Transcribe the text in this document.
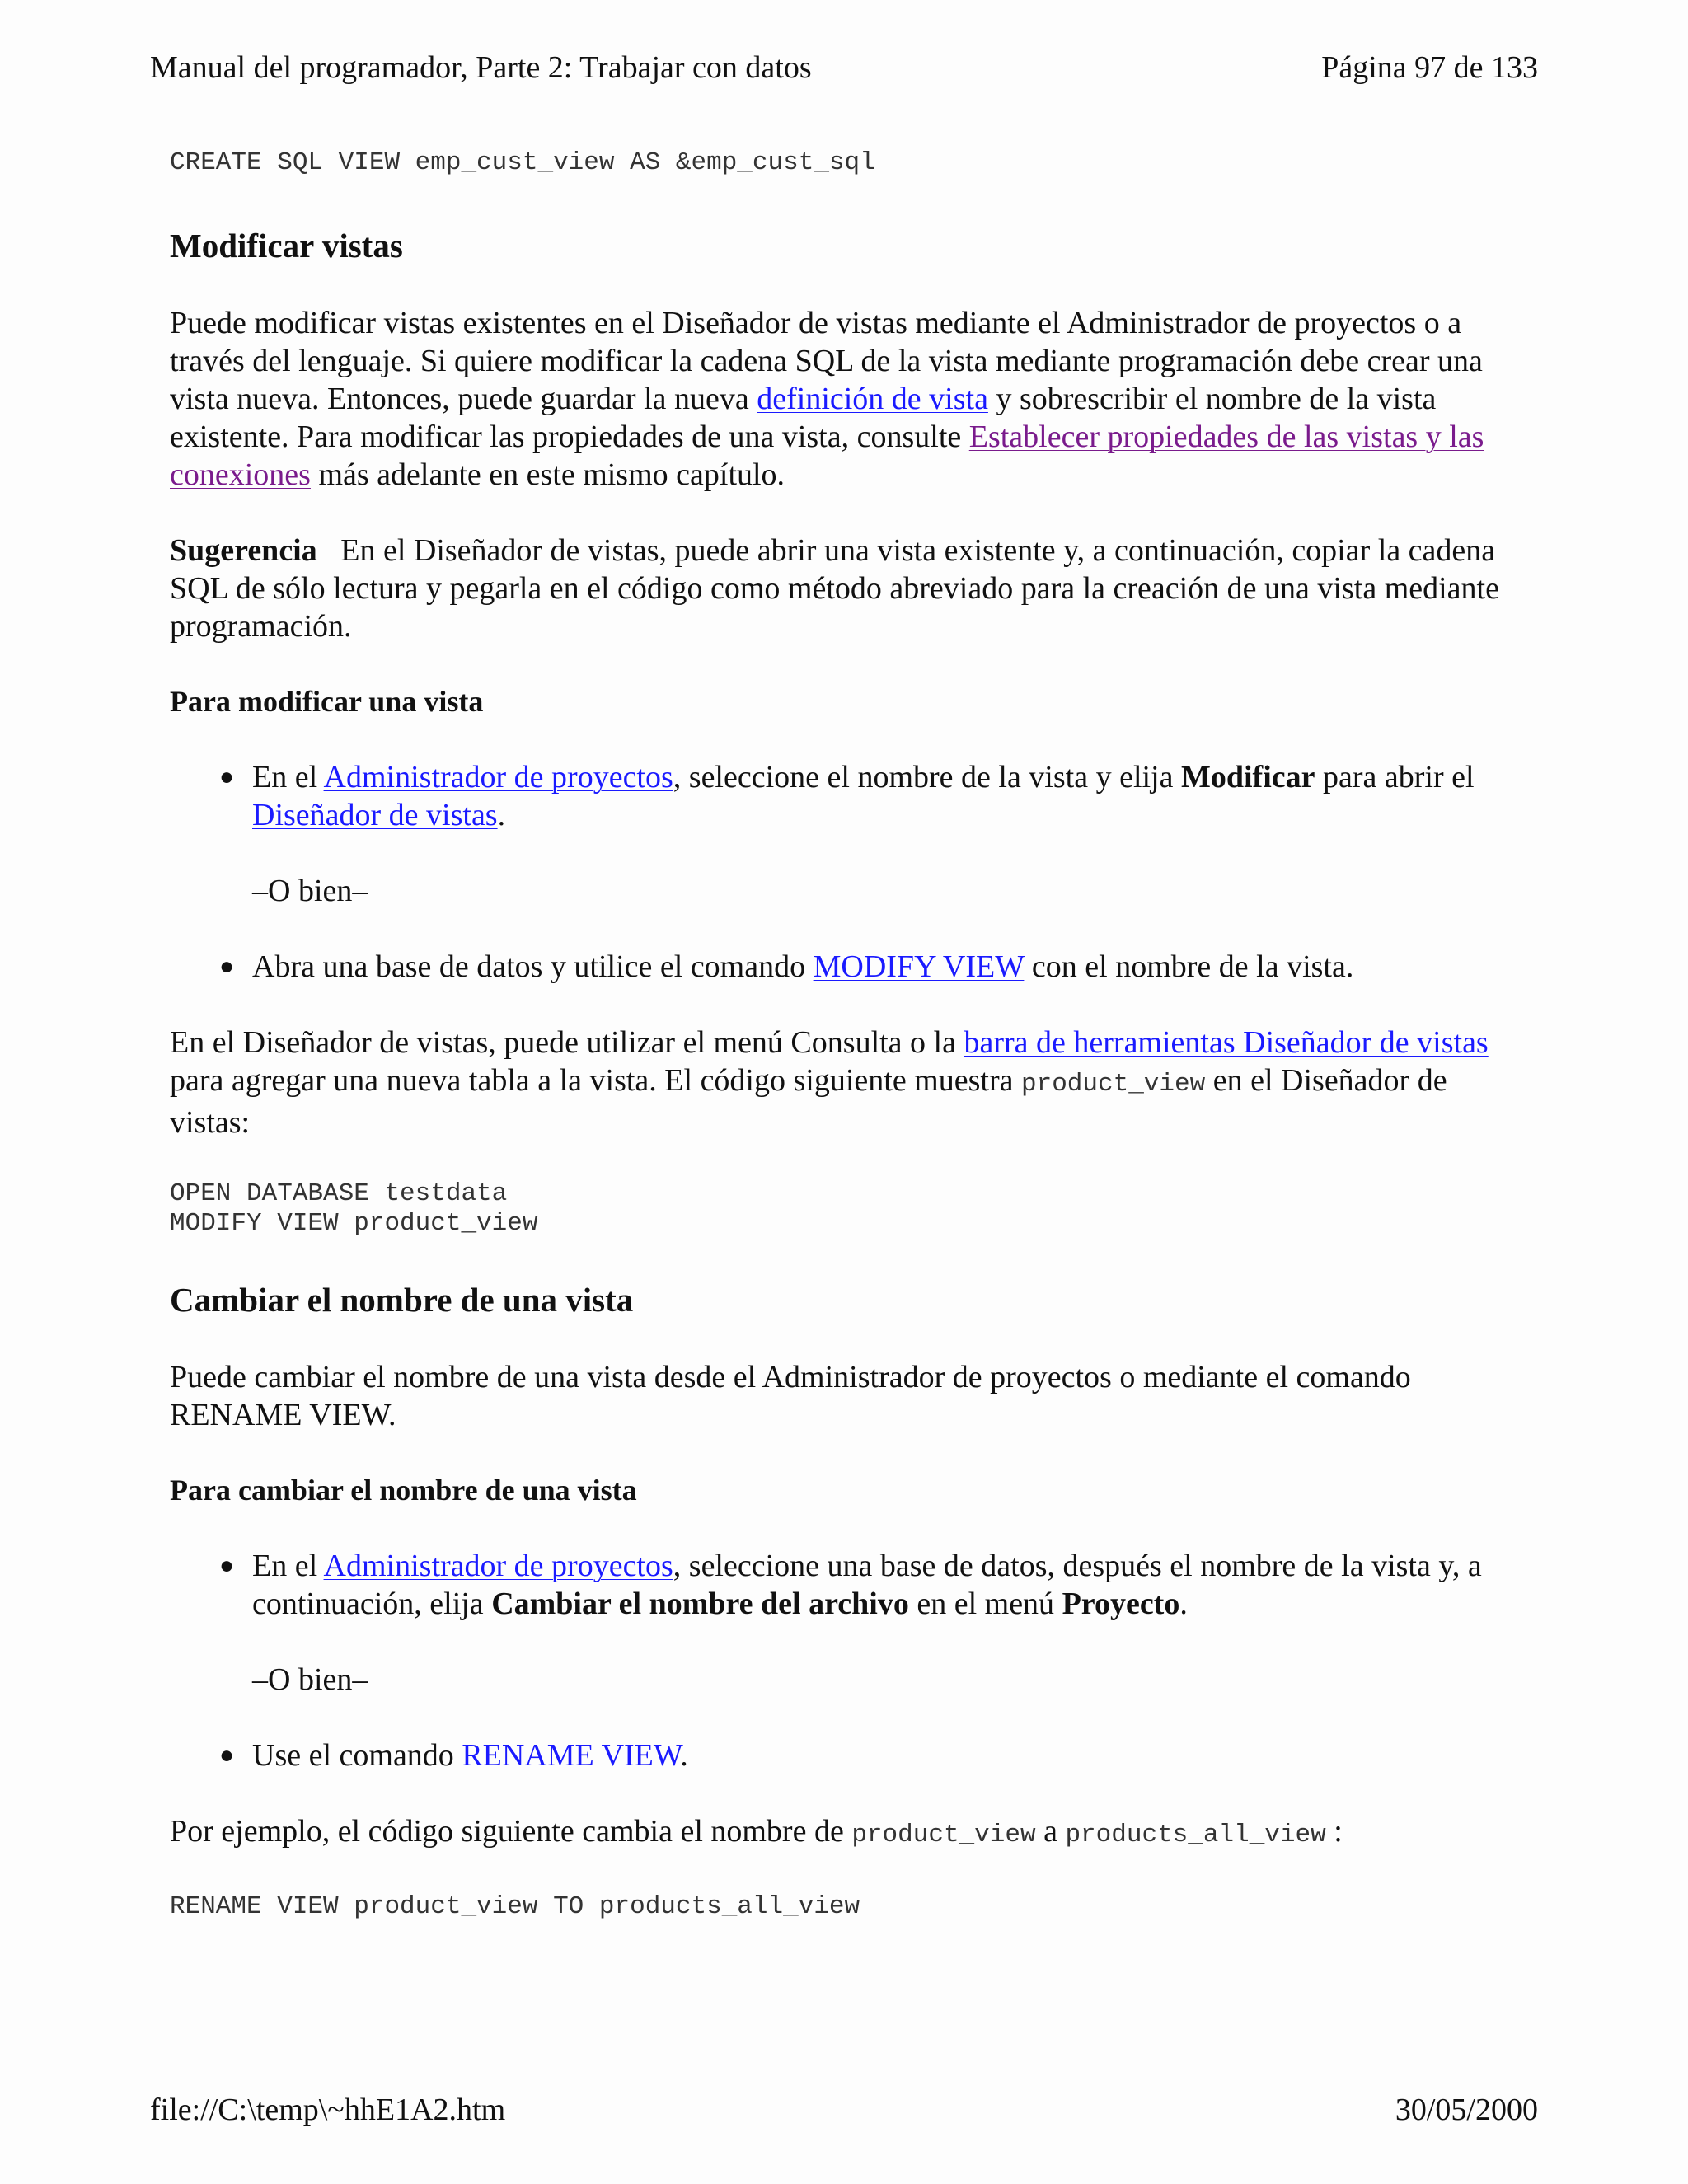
Manual del programador, Parte 2: Trabajar con datos	Página 97 de 133
CREATE SQL VIEW emp_cust_view AS &emp_cust_sql
Modificar vistas

Puede modificar vistas existentes en el Diseñador de vistas mediante el Administrador de proyectos o a través del lenguaje. Si quiere modificar la cadena SQL de la vista mediante programación debe crear una vista nueva. Entonces, puede guardar la nueva definición de vista y sobrescribir el nombre de la vista existente. Para modificar las propiedades de una vista, consulte Establecer propiedades de las vistas y las conexiones más adelante en este mismo capítulo.

Sugerencia   En el Diseñador de vistas, puede abrir una vista existente y, a continuación, copiar la cadena SQL de sólo lectura y pegarla en el código como método abreviado para la creación de una vista mediante programación.

Para modificar una vista
● En el Administrador de proyectos, seleccione el nombre de la vista y elija Modificar para abrir el Diseñador de vistas.
–O bien–
● Abra una base de datos y utilice el comando MODIFY VIEW con el nombre de la vista.

En el Diseñador de vistas, puede utilizar el menú Consulta o la barra de herramientas Diseñador de vistas para agregar una nueva tabla a la vista. El código siguiente muestra product_view en el Diseñador de vistas:

OPEN DATABASE testdata
MODIFY VIEW product_view
Cambiar el nombre de una vista

Puede cambiar el nombre de una vista desde el Administrador de proyectos o mediante el comando RENAME VIEW.

Para cambiar el nombre de una vista
● En el Administrador de proyectos, seleccione una base de datos, después el nombre de la vista y, a continuación, elija Cambiar el nombre del archivo en el menú Proyecto.
–O bien–
● Use el comando RENAME VIEW.

Por ejemplo, el código siguiente cambia el nombre de product_view a products_all_view :

RENAME VIEW product_view TO products_all_view
file://C:\temp\~hhE1A2.htm	30/05/2000
